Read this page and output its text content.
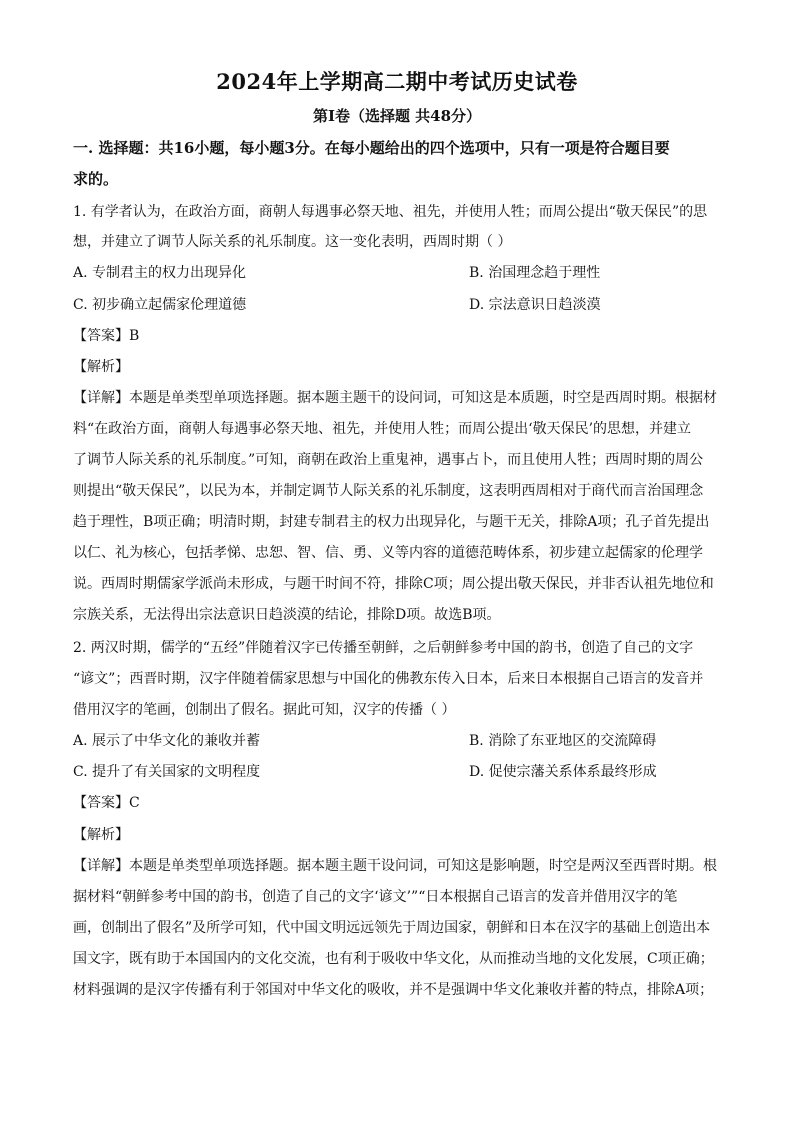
2024年上学期高二期中考试历史试卷
第Ⅰ卷（选择题 共48分）
一. 选择题：共16小题，每小题3分。在每小题给出的四个选项中，只有一项是符合题目要
求的。
1. 有学者认为，在政治方面，商朝人每遇事必祭天地、祖先，并使用人牲；而周公提出“敬天保民”的思
想，并建立了调节人际关系的礼乐制度。这一变化表明，西周时期（ ）
A. 专制君主的权力出现异化	B. 治国理念趋于理性
C. 初步确立起儒家伦理道德	D. 宗法意识日趋淡漠
【答案】B
【解析】
【详解】本题是单类型单项选择题。据本题主题干的设问词，可知这是本质题，时空是西周时期。根据材
料“在政治方面，商朝人每遇事必祭天地、祖先，并使用人牲；而周公提出‘敬天保民’的思想，并建立
了调节人际关系的礼乐制度。”可知，商朝在政治上重鬼神，遇事占卜，而且使用人牲；西周时期的周公
则提出“敬天保民”，以民为本，并制定调节人际关系的礼乐制度，这表明西周相对于商代而言治国理念
趋于理性，B项正确；明清时期，封建专制君主的权力出现异化，与题干无关，排除A项；孔子首先提出
以仁、礼为核心，包括孝悌、忠恕、智、信、勇、义等内容的道德范畴体系，初步建立起儒家的伦理学
说。西周时期儒家学派尚未形成，与题干时间不符，排除C项；周公提出敬天保民，并非否认祖先地位和
宗族关系，无法得出宗法意识日趋淡漠的结论，排除D项。故选B项。
2. 两汉时期，儒学的“五经”伴随着汉字已传播至朝鲜，之后朝鲜参考中国的韵书，创造了自己的文字
“谚文”；西晋时期，汉字伴随着儒家思想与中国化的佛教东传入日本，后来日本根据自己语言的发音并
借用汉字的笔画，创制出了假名。据此可知，汉字的传播（ ）
A. 展示了中华文化的兼收并蓄	B. 消除了东亚地区的交流障碍
C. 提升了有关国家的文明程度	D. 促使宗藩关系体系最终形成
【答案】C
【解析】
【详解】本题是单类型单项选择题。据本题主题干设问词，可知这是影响题，时空是两汉至西晋时期。根
据材料“朝鲜参考中国的韵书，创造了自己的文字‘谚文’”“日本根据自己语言的发音并借用汉字的笔
画，创制出了假名”及所学可知，代中国文明远远领先于周边国家，朝鲜和日本在汉字的基础上创造出本
国文字，既有助于本国国内的文化交流，也有利于吸收中华文化，从而推动当地的文化发展，C项正确；
材料强调的是汉字传播有利于邻国对中华文化的吸收，并不是强调中华文化兼收并蓄的特点，排除A项；
